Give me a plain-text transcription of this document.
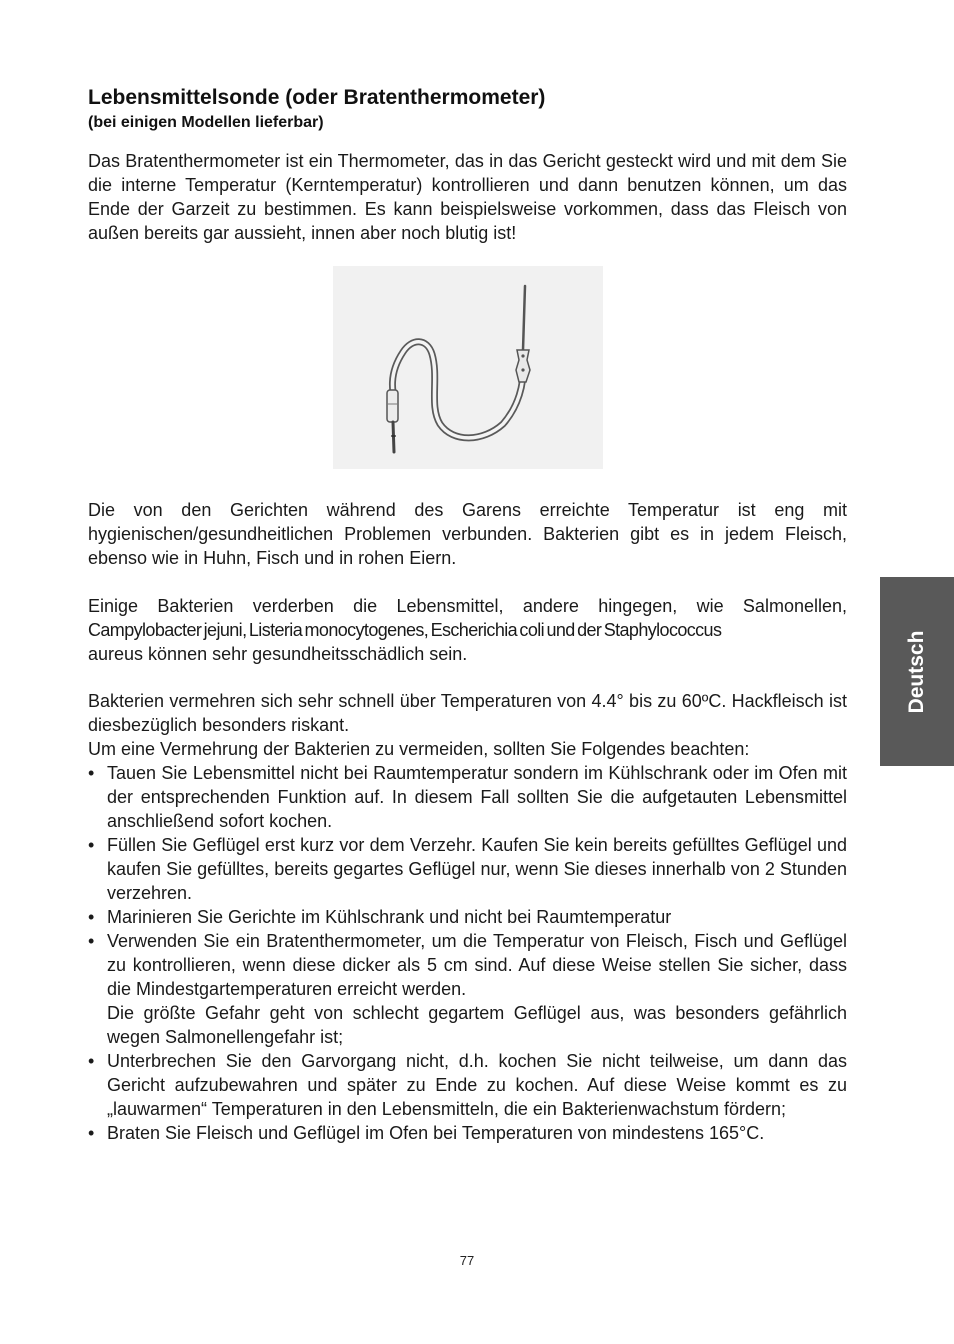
Lebensmittelsonde (oder Bratenthermometer)
(bei einigen Modellen lieferbar)

Das Bratenthermometer ist ein Thermometer, das in das Gericht gesteckt wird und mit dem Sie die interne Temperatur (Kerntemperatur) kontrollieren und dann benutzen können, um das Ende der Garzeit zu bestimmen. Es kann beispielsweise vorkommen, dass das Fleisch von außen bereits gar aussieht, innen aber noch blutig ist!

Die von den Gerichten während des Garens erreichte Temperatur ist eng mit hygienischen/gesundheitlichen Problemen verbunden. Bakterien gibt es in jedem Fleisch, ebenso wie in Huhn, Fisch und in rohen Eiern.

Einige Bakterien verderben die Lebensmittel, andere hingegen, wie Salmonellen,
Campylobacter jejuni, Listeria monocytogenes, Escherichia coli und der Staphylococcus
aureus können sehr gesundheitsschädlich sein.
Bakterien vermehren sich sehr schnell über Temperaturen von 4.4° bis zu 60ºC. Hackfleisch ist diesbezüglich besonders riskant.
Um eine Vermehrung der Bakterien zu vermeiden, sollten Sie Folgendes beachten:
• Tauen Sie Lebensmittel nicht bei Raumtemperatur sondern im Kühlschrank oder im Ofen mit der entsprechenden Funktion auf. In diesem Fall sollten Sie die aufgetauten Lebensmittel anschließend sofort kochen.
• Füllen Sie Geflügel erst kurz vor dem Verzehr. Kaufen Sie kein bereits gefülltes Geflügel und kaufen Sie gefülltes, bereits gegartes Geflügel nur, wenn Sie dieses innerhalb von 2 Stunden verzehren.
• Marinieren Sie Gerichte im Kühlschrank und nicht bei Raumtemperatur
• Verwenden Sie ein Bratenthermometer, um die Temperatur von Fleisch, Fisch und Geflügel zu kontrollieren, wenn diese dicker als 5 cm sind. Auf diese Weise stellen Sie sicher, dass die Mindestgartemperaturen erreicht werden.
Die größte Gefahr geht von schlecht gegartem Geflügel aus, was besonders gefährlich wegen Salmonellengefahr ist;
• Unterbrechen Sie den Garvorgang nicht, d.h. kochen Sie nicht teilweise, um dann das Gericht aufzubewahren und später zu Ende zu kochen. Auf diese Weise kommt es zu „lauwarmen“ Temperaturen in den Lebensmitteln, die ein Bakterienwachstum fördern;
• Braten Sie Fleisch und Geflügel im Ofen bei Temperaturen von mindestens 165°C.
Deutsch
77
